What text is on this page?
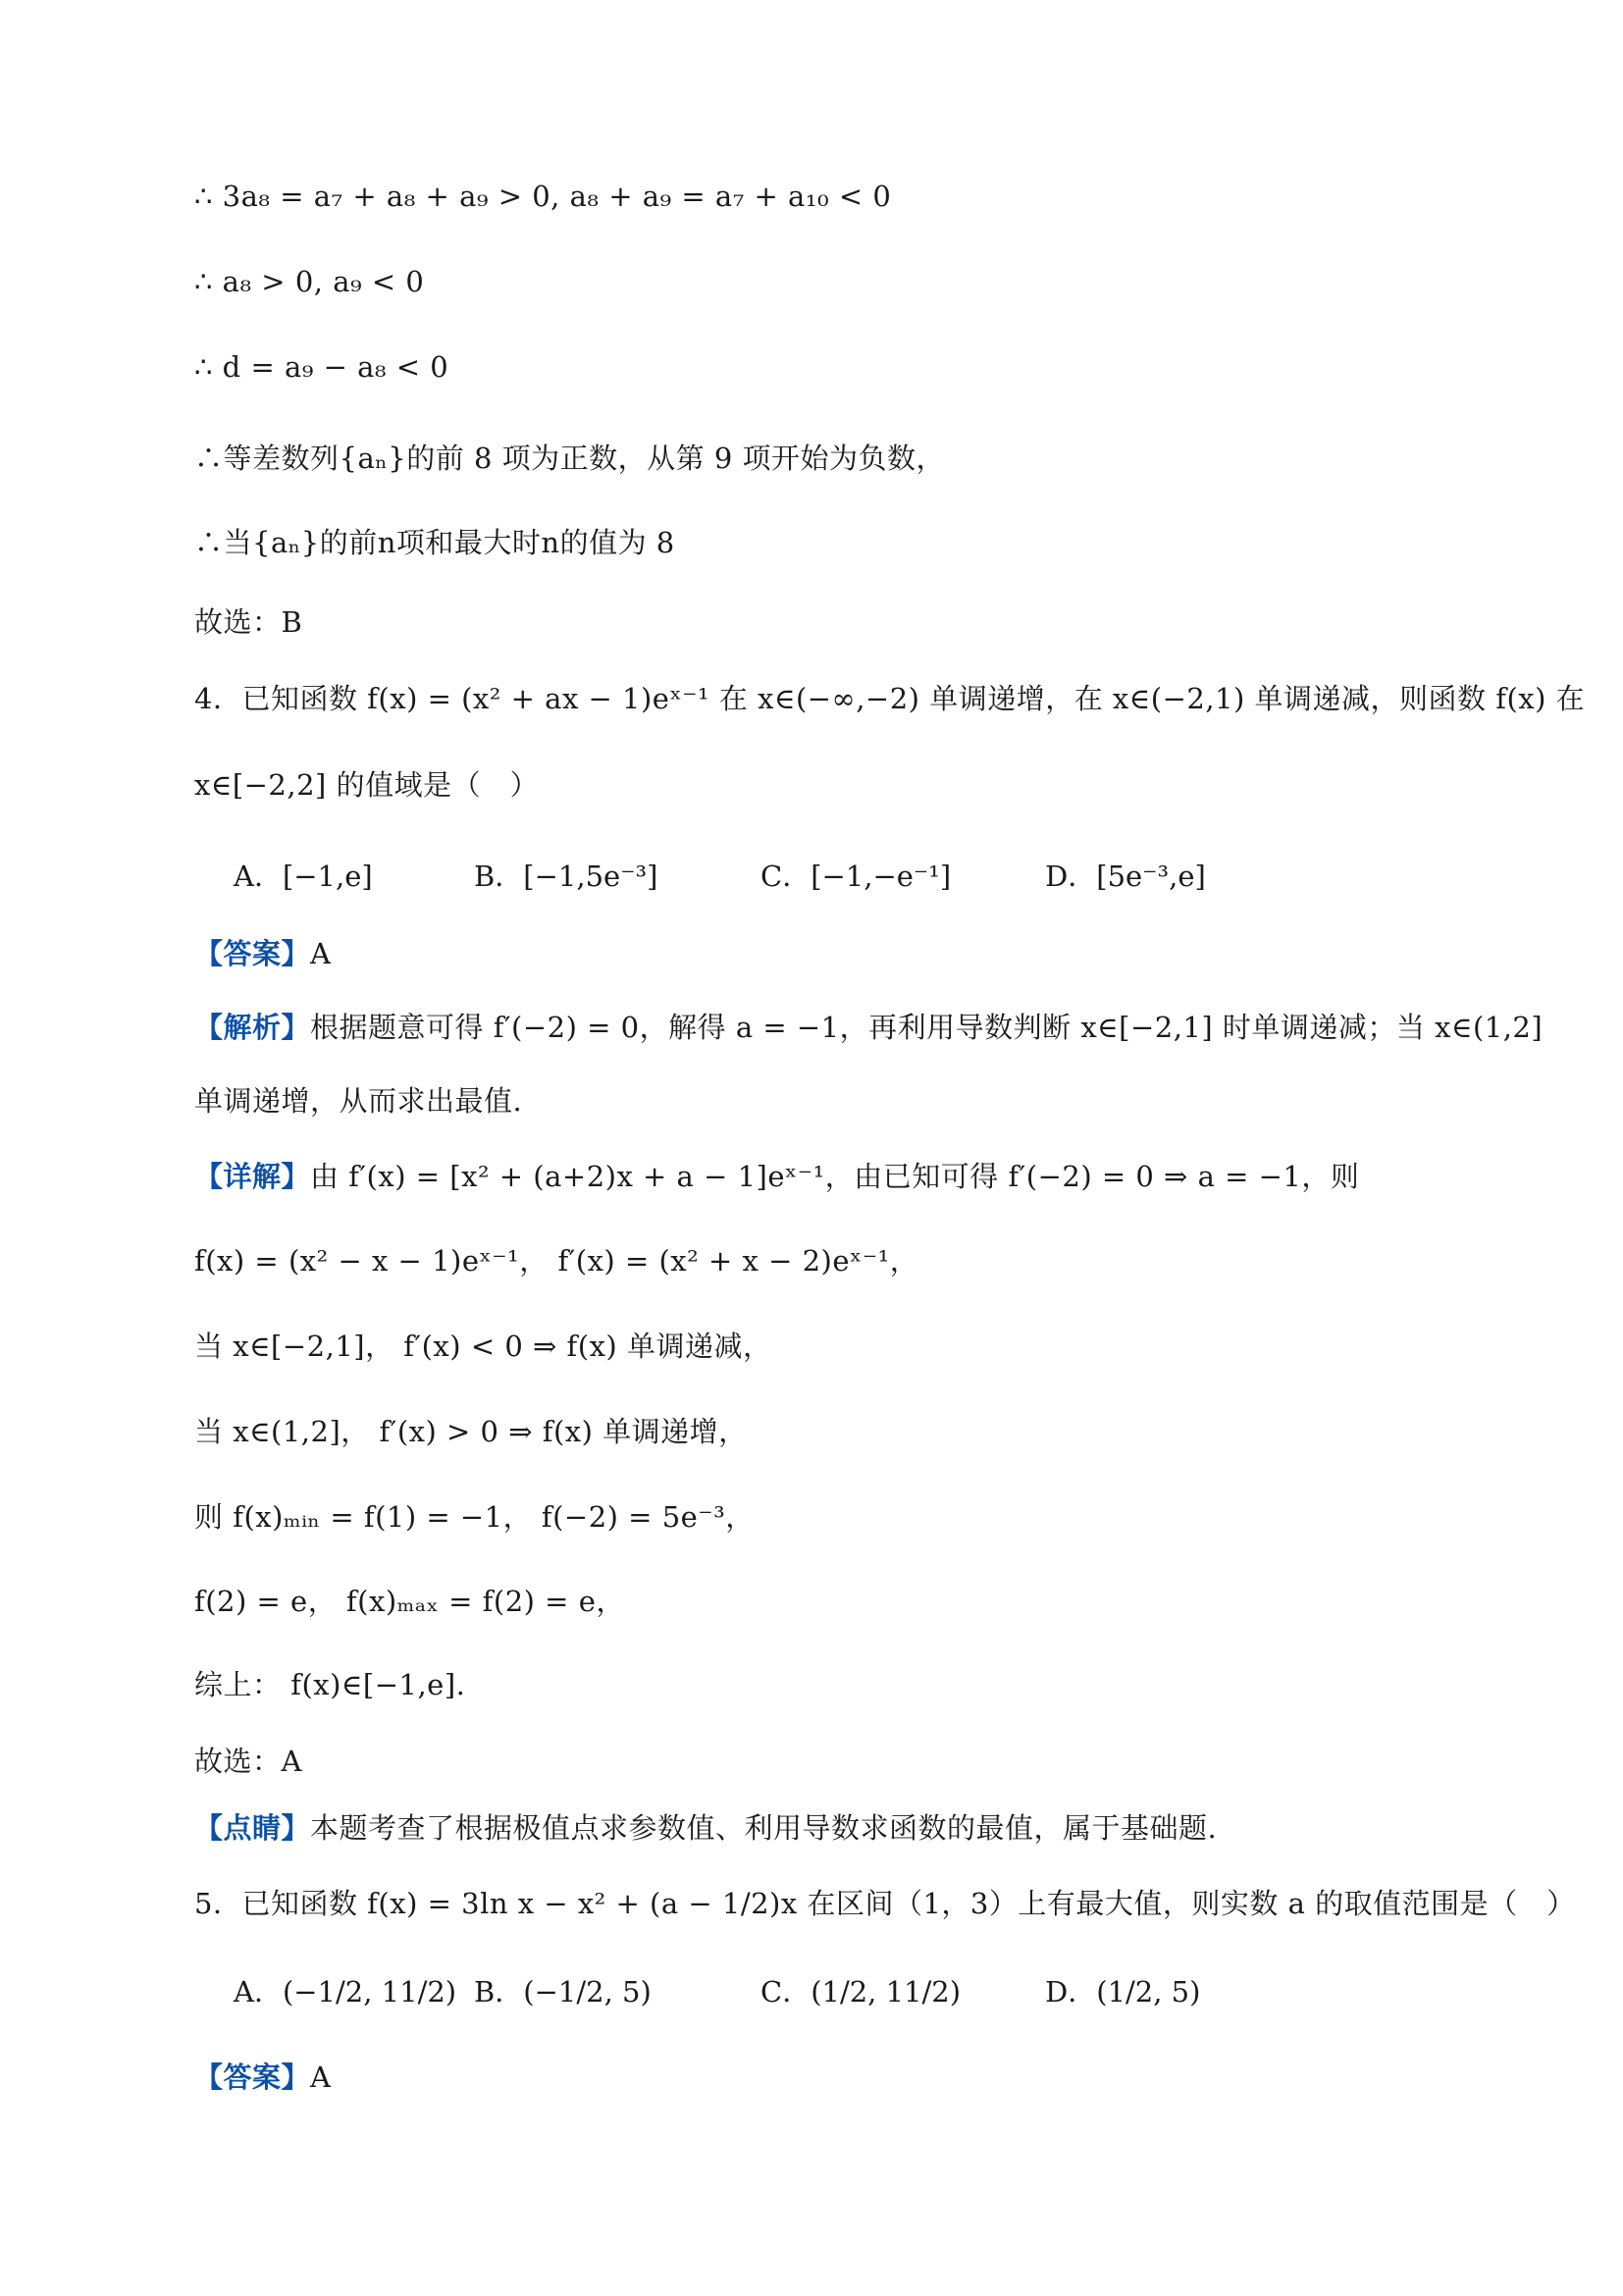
∴ 3a₈ = a₇ + a₈ + a₉ > 0, a₈ + a₉ = a₇ + a₁₀ < 0
∴ a₈ > 0, a₉ < 0
∴ d = a₉ − a₈ < 0
∴等差数列{aₙ}的前 8 项为正数，从第 9 项开始为负数，
∴当{aₙ}的前n项和最大时n的值为 8
故选：B
4．已知函数 f(x) = (x² + ax − 1)eˣ⁻¹ 在 x∈(−∞,−2) 单调递增，在 x∈(−2,1) 单调递减，则函数 f(x) 在
x∈[−2,2] 的值域是（　）
A．[−1,e]	B．[−1,5e⁻³]	C．[−1,−e⁻¹]	D．[5e⁻³,e]
【答案】A
【解析】根据题意可得 f′(−2) = 0，解得 a = −1，再利用导数判断 x∈[−2,1] 时单调递减；当 x∈(1,2]
单调递增，从而求出最值.
【详解】由 f′(x) = [x² + (a+2)x + a − 1]eˣ⁻¹，由已知可得 f′(−2) = 0 ⇒ a = −1，则
f(x) = (x² − x − 1)eˣ⁻¹， f′(x) = (x² + x − 2)eˣ⁻¹，
当 x∈[−2,1]， f′(x) < 0 ⇒ f(x) 单调递减，
当 x∈(1,2]， f′(x) > 0 ⇒ f(x) 单调递增，
则 f(x)ₘᵢₙ = f(1) = −1， f(−2) = 5e⁻³，
f(2) = e， f(x)ₘₐₓ = f(2) = e，
综上： f(x)∈[−1,e].
故选：A
【点睛】本题考查了根据极值点求参数值、利用导数求函数的最值，属于基础题.
5．已知函数 f(x) = 3ln x − x² + (a − 1/2)x 在区间（1，3）上有最大值，则实数 a 的取值范围是（　）
A．(−1/2, 11/2) B．(−1/2, 5)	C．(1/2, 11/2)	D．(1/2, 5)
【答案】A
